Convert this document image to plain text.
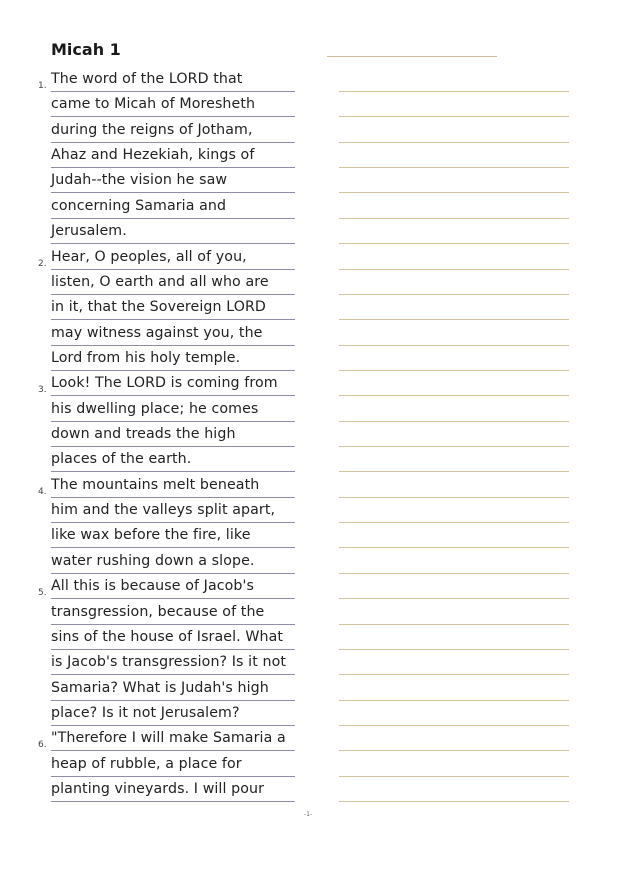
Micah 1
1. The word of the LORD that
came to Micah of Moresheth
during the reigns of Jotham,
Ahaz and Hezekiah, kings of
Judah--the vision he saw
concerning Samaria and
Jerusalem.
2. Hear, O peoples, all of you,
listen, O earth and all who are
in it, that the Sovereign LORD
may witness against you, the
Lord from his holy temple.
3. Look! The LORD is coming from
his dwelling place; he comes
down and treads the high
places of the earth.
4. The mountains melt beneath
him and the valleys split apart,
like wax before the fire, like
water rushing down a slope.
5. All this is because of Jacob's
transgression, because of the
sins of the house of Israel. What
is Jacob's transgression? Is it not
Samaria? What is Judah's high
place? Is it not Jerusalem?
6. "Therefore I will make Samaria a
heap of rubble, a place for
planting vineyards. I will pour
-1-
